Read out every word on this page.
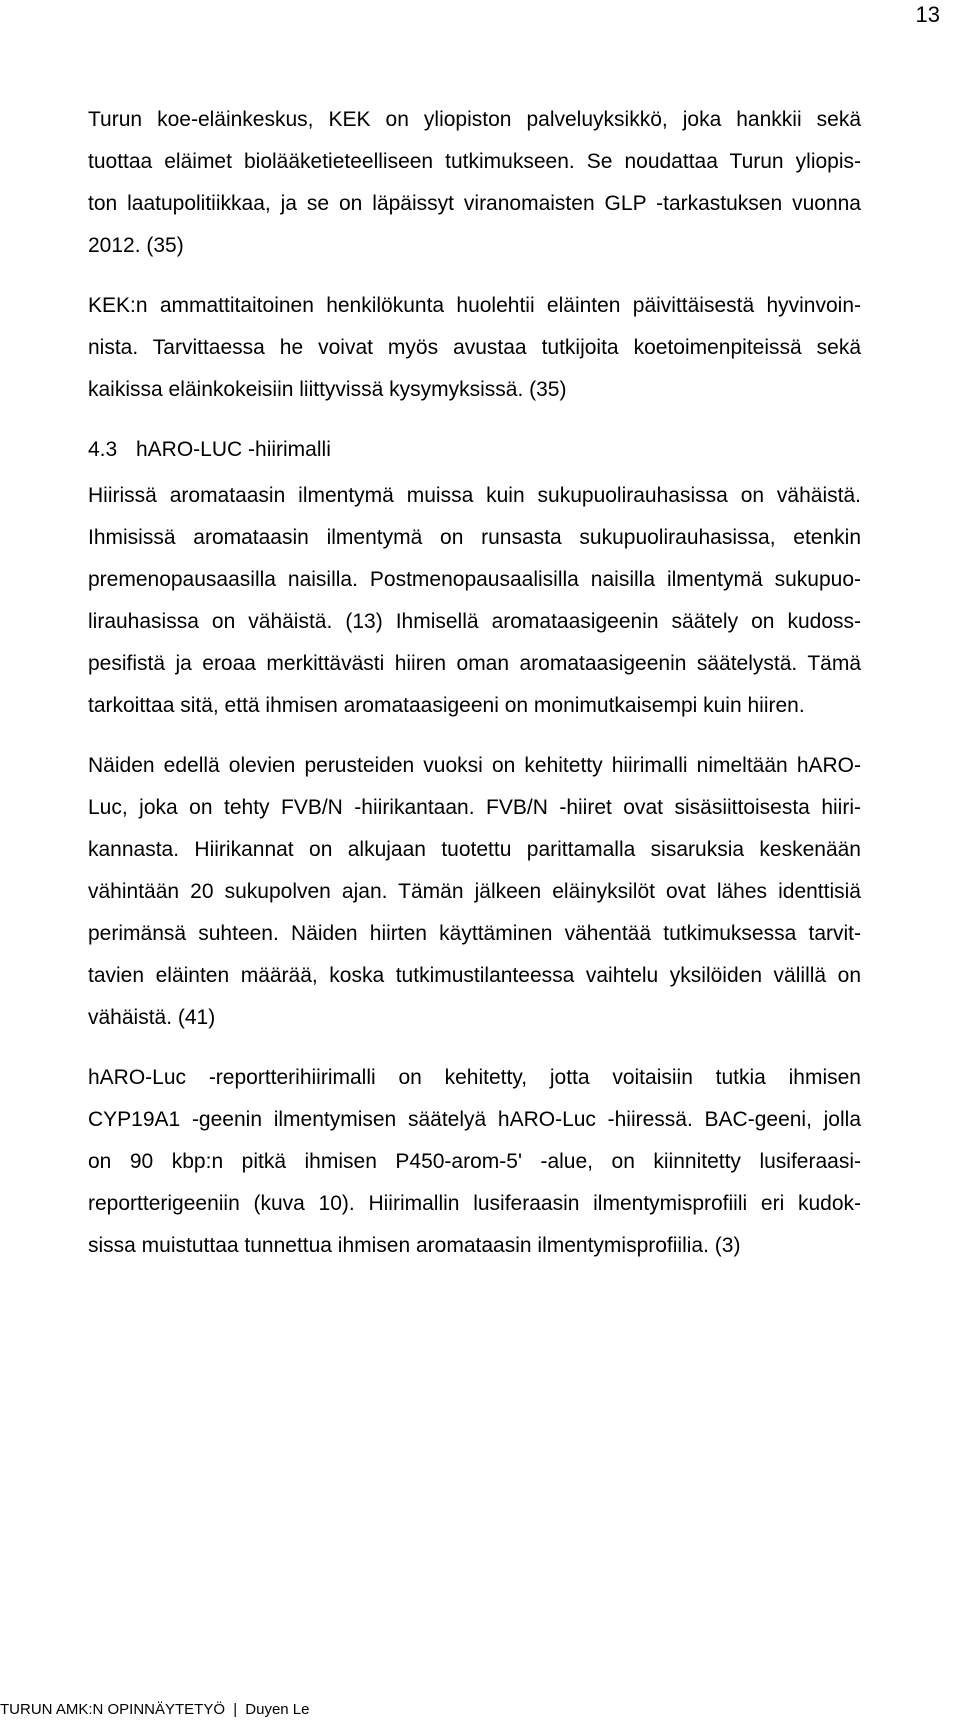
13

Turun koe-eläinkeskus, KEK on yliopiston palveluyksikkö, joka hankkii sekä
tuottaa eläimet biolääketieteelliseen tutkimukseen. Se noudattaa Turun yliopis-
ton laatupolitiikkaa, ja se on läpäissyt viranomaisten GLP -tarkastuksen vuonna
2012. (35)

KEK:n ammattitaitoinen henkilökunta huolehtii eläinten päivittäisestä hyvinvoin-
nista. Tarvittaessa he voivat myös avustaa tutkijoita koetoimenpiteissä sekä
kaikissa eläinkokeisiin liittyvissä kysymyksissä. (35)

4.3 hARO-LUC -hiirimalli

Hiirissä aromataasin ilmentymä muissa kuin sukupuolirauhasissa on vähäistä.
Ihmisissä aromataasin ilmentymä on runsasta sukupuolirauhasissa, etenkin
premenopausaasilla naisilla. Postmenopausaalisilla naisilla ilmentymä sukupuo-
lirauhasissa on vähäistä. (13) Ihmisellä aromataasigeenin säätely on kudoss-
pesifistä ja eroaa merkittävästi hiiren oman aromataasigeenin säätelystä. Tämä
tarkoittaa sitä, että ihmisen aromataasigeeni on monimutkaisempi kuin hiiren.

Näiden edellä olevien perusteiden vuoksi on kehitetty hiirimalli nimeltään hARO-
Luc, joka on tehty FVB/N -hiirikantaan. FVB/N -hiiret ovat sisäsiittoisesta hiiri-
kannasta. Hiirikannat on alkujaan tuotettu parittamalla sisaruksia keskenään
vähintään 20 sukupolven ajan. Tämän jälkeen eläinyksilöt ovat lähes identtisiä
perimänsä suhteen. Näiden hiirten käyttäminen vähentää tutkimuksessa tarvit-
tavien eläinten määrää, koska tutkimustilanteessa vaihtelu yksilöiden välillä on
vähäistä. (41)

hARO-Luc -reportterihiirimalli on kehitetty, jotta voitaisiin tutkia ihmisen
CYP19A1 -geenin ilmentymisen säätelyä hARO-Luc -hiiressä. BAC-geeni, jolla
on 90 kbp:n pitkä ihmisen P450-arom-5' -alue, on kiinnitetty lusiferaasi-
reportterigeeniin (kuva 10). Hiirimallin lusiferaasin ilmentymisprofiili eri kudok-
sissa muistuttaa tunnettua ihmisen aromataasin ilmentymisprofiilia. (3)

TURUN AMK:N OPINNÄYTETYÖ | Duyen Le
